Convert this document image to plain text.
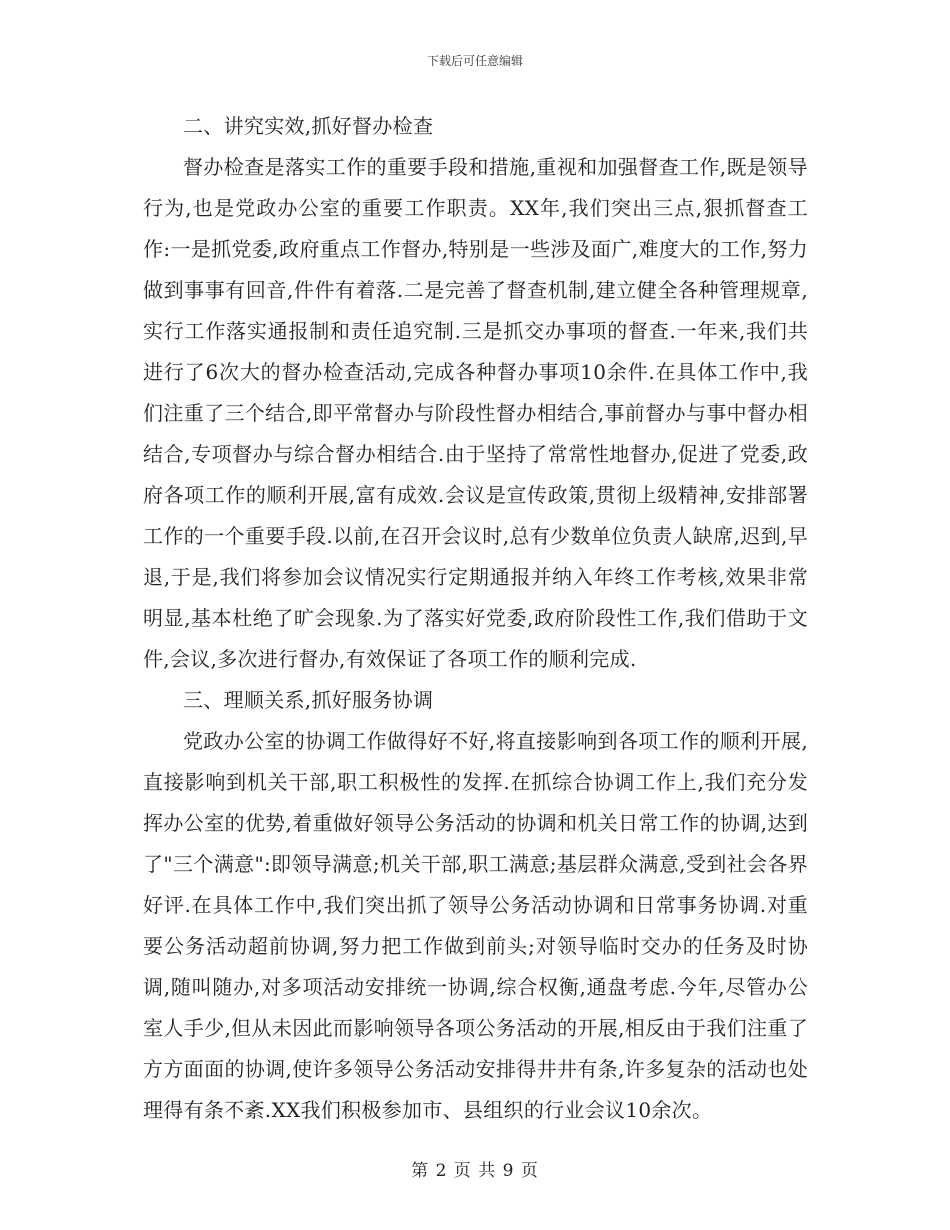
下载后可任意编辑

二、讲究实效,抓好督办检查

督办检查是落实工作的重要手段和措施,重视和加强督查工作,既是领导行为,也是党政办公室的重要工作职责。XX年,我们突出三点,狠抓督查工作:一是抓党委,政府重点工作督办,特别是一些涉及面广,难度大的工作,努力做到事事有回音,件件有着落.二是完善了督查机制,建立健全各种管理规章,实行工作落实通报制和责任追究制.三是抓交办事项的督查.一年来,我们共进行了6次大的督办检查活动,完成各种督办事项10余件.在具体工作中,我们注重了三个结合,即平常督办与阶段性督办相结合,事前督办与事中督办相结合,专项督办与综合督办相结合.由于坚持了常常性地督办,促进了党委,政府各项工作的顺利开展,富有成效.会议是宣传政策,贯彻上级精神,安排部署工作的一个重要手段.以前,在召开会议时,总有少数单位负责人缺席,迟到,早退,于是,我们将参加会议情况实行定期通报并纳入年终工作考核,效果非常明显,基本杜绝了旷会现象.为了落实好党委,政府阶段性工作,我们借助于文件,会议,多次进行督办,有效保证了各项工作的顺利完成.

三、理顺关系,抓好服务协调

党政办公室的协调工作做得好不好,将直接影响到各项工作的顺利开展,直接影响到机关干部,职工积极性的发挥.在抓综合协调工作上,我们充分发挥办公室的优势,着重做好领导公务活动的协调和机关日常工作的协调,达到了"三个满意":即领导满意;机关干部,职工满意;基层群众满意,受到社会各界好评.在具体工作中,我们突出抓了领导公务活动协调和日常事务协调.对重要公务活动超前协调,努力把工作做到前头;对领导临时交办的任务及时协调,随叫随办,对多项活动安排统一协调,综合权衡,通盘考虑.今年,尽管办公室人手少,但从未因此而影响领导各项公务活动的开展,相反由于我们注重了方方面面的协调,使许多领导公务活动安排得井井有条,许多复杂的活动也处理得有条不紊.XX我们积极参加市、县组织的行业会议10余次。

第 2 页 共 9 页
